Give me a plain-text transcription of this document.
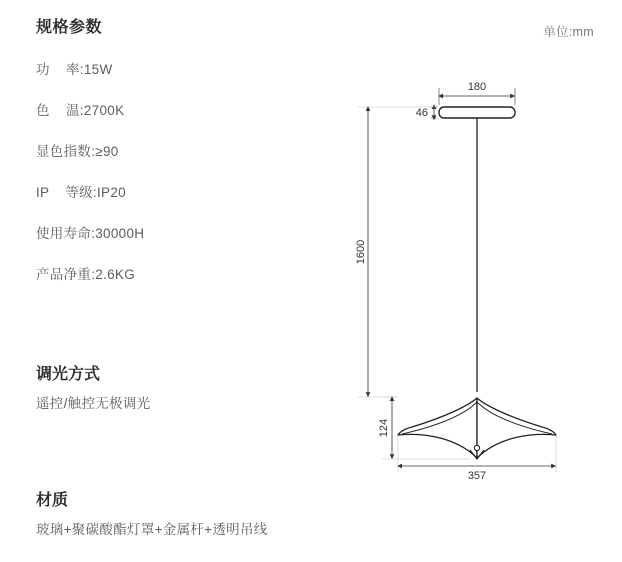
单位:mm
规格参数
功    率:15W
色    温:2700K
显色指数:≥90
IP    等级:IP20
使用寿命:30000H
产品净重:2.6KG
调光方式
遥控/触控无极调光
材质
玻璃+聚碳酸酯灯罩+金属杆+透明吊线
180
46
1600
124
357
